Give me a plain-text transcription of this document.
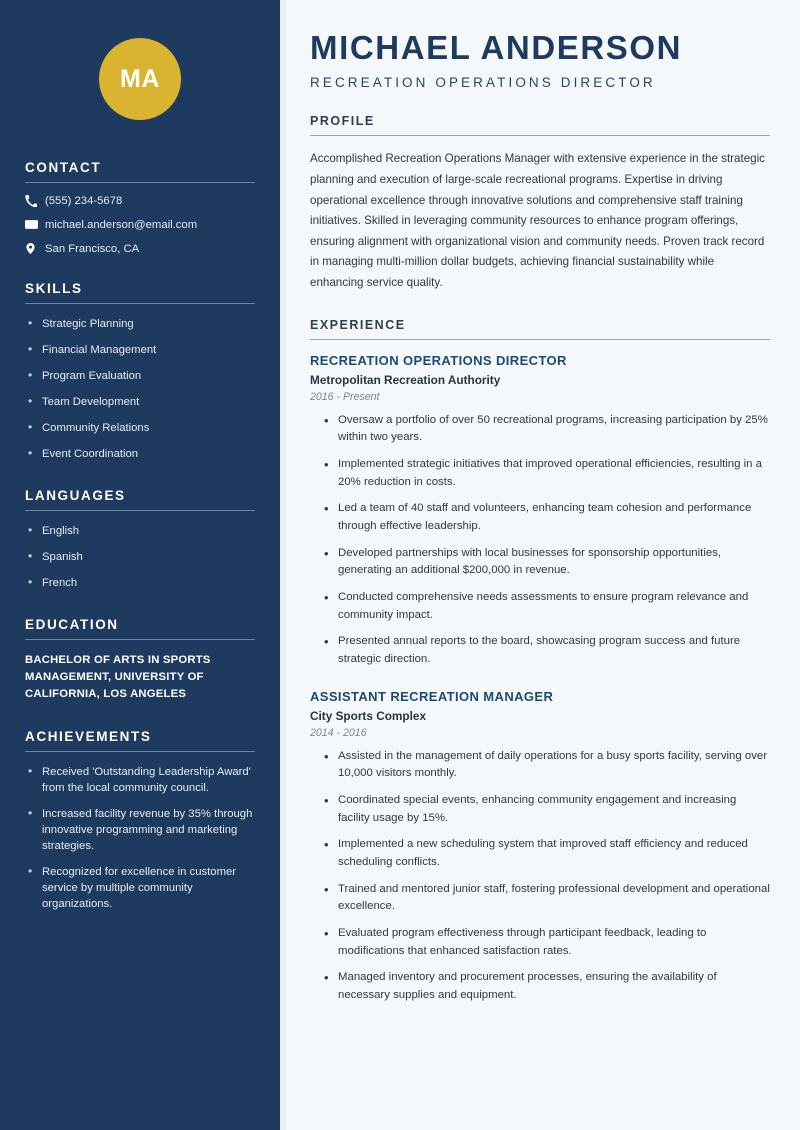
MA
CONTACT
(555) 234-5678
michael.anderson@email.com
San Francisco, CA
SKILLS
• Strategic Planning
• Financial Management
• Program Evaluation
• Team Development
• Community Relations
• Event Coordination
LANGUAGES
• English
• Spanish
• French
EDUCATION
BACHELOR OF ARTS IN SPORTS MANAGEMENT, UNIVERSITY OF CALIFORNIA, LOS ANGELES
ACHIEVEMENTS
• Received 'Outstanding Leadership Award' from the local community council.
• Increased facility revenue by 35% through innovative programming and marketing strategies.
• Recognized for excellence in customer service by multiple community organizations.
MICHAEL ANDERSON
RECREATION OPERATIONS DIRECTOR
PROFILE

Accomplished Recreation Operations Manager with extensive experience in the strategic planning and execution of large-scale recreational programs. Expertise in driving operational excellence through innovative solutions and comprehensive staff training initiatives. Skilled in leveraging community resources to enhance program offerings, ensuring alignment with organizational vision and community needs. Proven track record in managing multi-million dollar budgets, achieving financial sustainability while enhancing service quality.

EXPERIENCE
RECREATION OPERATIONS DIRECTOR
Metropolitan Recreation Authority
2016 - Present
• Oversaw a portfolio of over 50 recreational programs, increasing participation by 25% within two years.
• Implemented strategic initiatives that improved operational efficiencies, resulting in a 20% reduction in costs.
• Led a team of 40 staff and volunteers, enhancing team cohesion and performance through effective leadership.
• Developed partnerships with local businesses for sponsorship opportunities, generating an additional $200,000 in revenue.
• Conducted comprehensive needs assessments to ensure program relevance and community impact.
• Presented annual reports to the board, showcasing program success and future strategic direction.
ASSISTANT RECREATION MANAGER
City Sports Complex
2014 - 2016
• Assisted in the management of daily operations for a busy sports facility, serving over 10,000 visitors monthly.
• Coordinated special events, enhancing community engagement and increasing facility usage by 15%.
• Implemented a new scheduling system that improved staff efficiency and reduced scheduling conflicts.
• Trained and mentored junior staff, fostering professional development and operational excellence.
• Evaluated program effectiveness through participant feedback, leading to modifications that enhanced satisfaction rates.
• Managed inventory and procurement processes, ensuring the availability of necessary supplies and equipment.
